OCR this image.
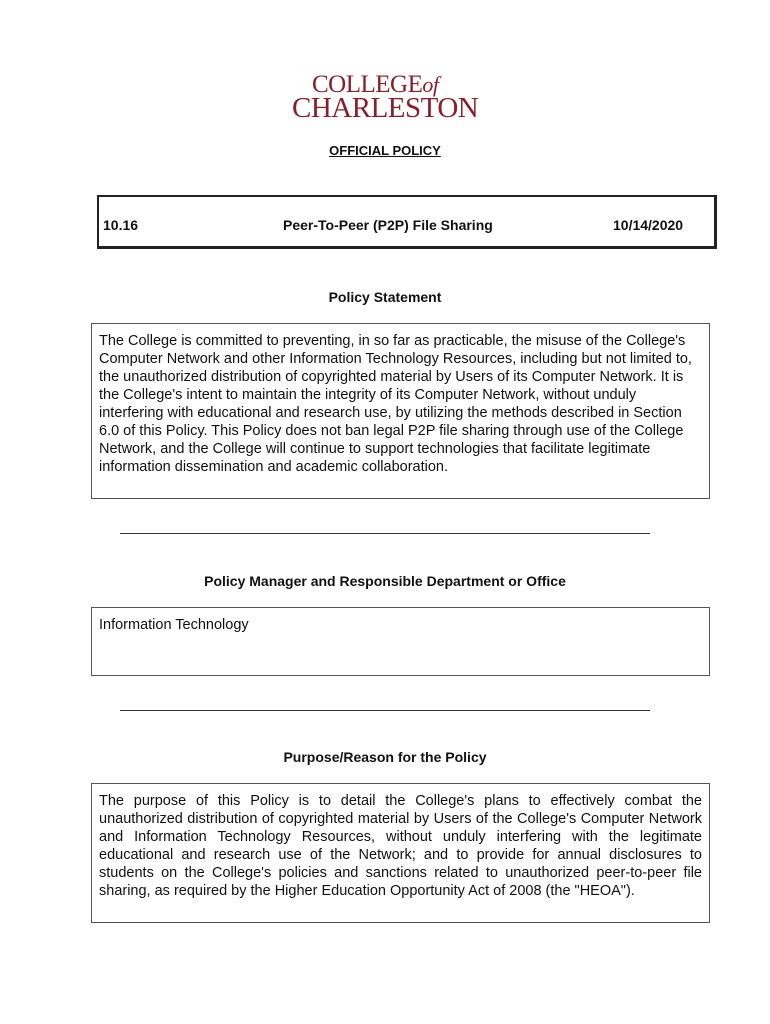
COLLEGEof
CHARLESTON
OFFICIAL POLICY
10.16	Peer-To-Peer (P2P) File Sharing	10/14/2020
Policy Statement
The College is committed to preventing, in so far as practicable, the misuse of the College's Computer Network and other Information Technology Resources, including but not limited to, the unauthorized distribution of copyrighted material by Users of its Computer Network. It is the College's intent to maintain the integrity of its Computer Network, without unduly interfering with educational and research use, by utilizing the methods described in Section 6.0 of this Policy. This Policy does not ban legal P2P file sharing through use of the College Network, and the College will continue to support technologies that facilitate legitimate information dissemination and academic collaboration.
Policy Manager and Responsible Department or Office
Information Technology
Purpose/Reason for the Policy
The purpose of this Policy is to detail the College's plans to effectively combat the unauthorized distribution of copyrighted material by Users of the College's Computer Network and Information Technology Resources, without unduly interfering with the legitimate educational and research use of the Network; and to provide for annual disclosures to students on the College's policies and sanctions related to unauthorized peer-to-peer file sharing, as required by the Higher Education Opportunity Act of 2008 (the "HEOA").
